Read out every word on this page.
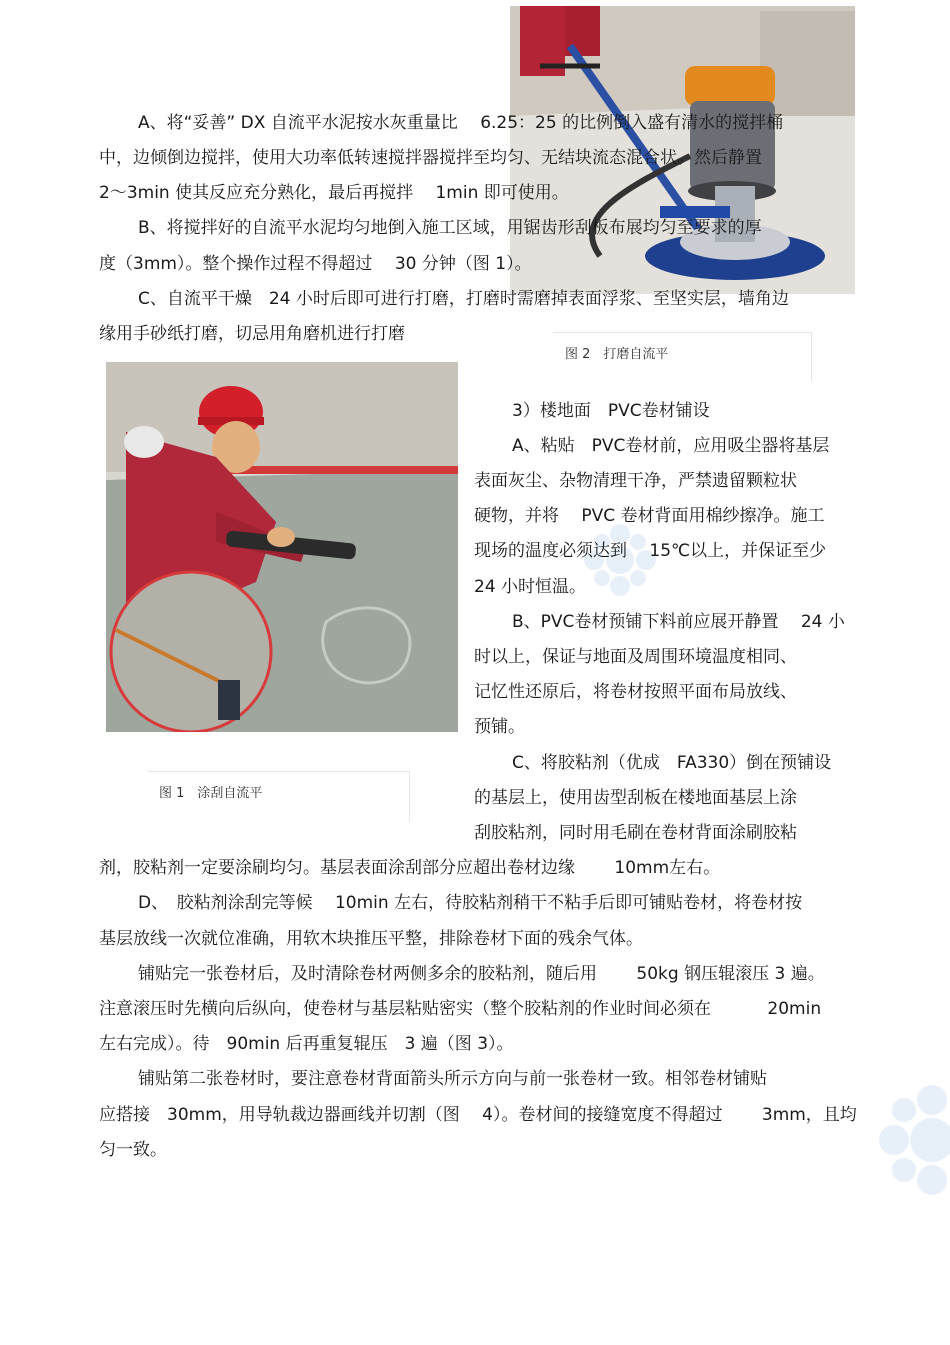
图 2　打磨自流平
图 1　涂刮自流平
A、将“妥善” DX 自流平水泥按水灰重量比 　6.25：25 的比例倒入盛有清水的搅拌桶
中，边倾倒边搅拌，使用大功率低转速搅拌器搅拌至均匀、无结块流态混合状。然后静置
2～3min 使其反应充分熟化，最后再搅拌 　1min 即可使用。
B、将搅拌好的自流平水泥均匀地倒入施工区域，用锯齿形刮板布展均匀至要求的厚
度（3mm）。整个操作过程不得超过 　30 分钟（图 1）。
C、自流平干燥　24 小时后即可进行打磨，打磨时需磨掉表面浮浆、至坚实层，墙角边
缘用手砂纸打磨，切忌用角磨机进行打磨
3）楼地面　PVC卷材铺设
A、粘贴　PVC卷材前，应用吸尘器将基层
表面灰尘、杂物清理干净，严禁遗留颗粒状
硬物，并将 　PVC 卷材背面用棉纱擦净。施工
现场的温度必须达到 　15℃以上，并保证至少
24 小时恒温。
B、PVC卷材预铺下料前应展开静置 　24 小
时以上，保证与地面及周围环境温度相同、
记忆性还原后，将卷材按照平面布局放线、
预铺。
C、将胶粘剂（优成　FA330）倒在预铺设
的基层上，使用齿型刮板在楼地面基层上涂
刮胶粘剂，同时用毛刷在卷材背面涂刷胶粘
剂，胶粘剂一定要涂刷均匀。基层表面涂刮部分应超出卷材边缘 　　10mm左右。
D、　胶粘剂涂刮完等候 　10min 左右，待胶粘剂稍干不粘手后即可铺贴卷材，将卷材按
基层放线一次就位准确，用软木块推压平整，排除卷材下面的残余气体。
铺贴完一张卷材后，及时清除卷材两侧多余的胶粘剂，随后用 　　50kg 钢压辊滚压 3 遍。
注意滚压时先横向后纵向，使卷材与基层粘贴密实（整个胶粘剂的作业时间必须在 　　　20min
左右完成）。待　90min 后再重复辊压　3 遍（图 3）。
铺贴第二张卷材时，要注意卷材背面箭头所示方向与前一张卷材一致。相邻卷材铺贴
应搭接　30mm，用导轨裁边器画线并切割（图　 4）。卷材间的接缝宽度不得超过 　　3mm，且均
匀一致。
